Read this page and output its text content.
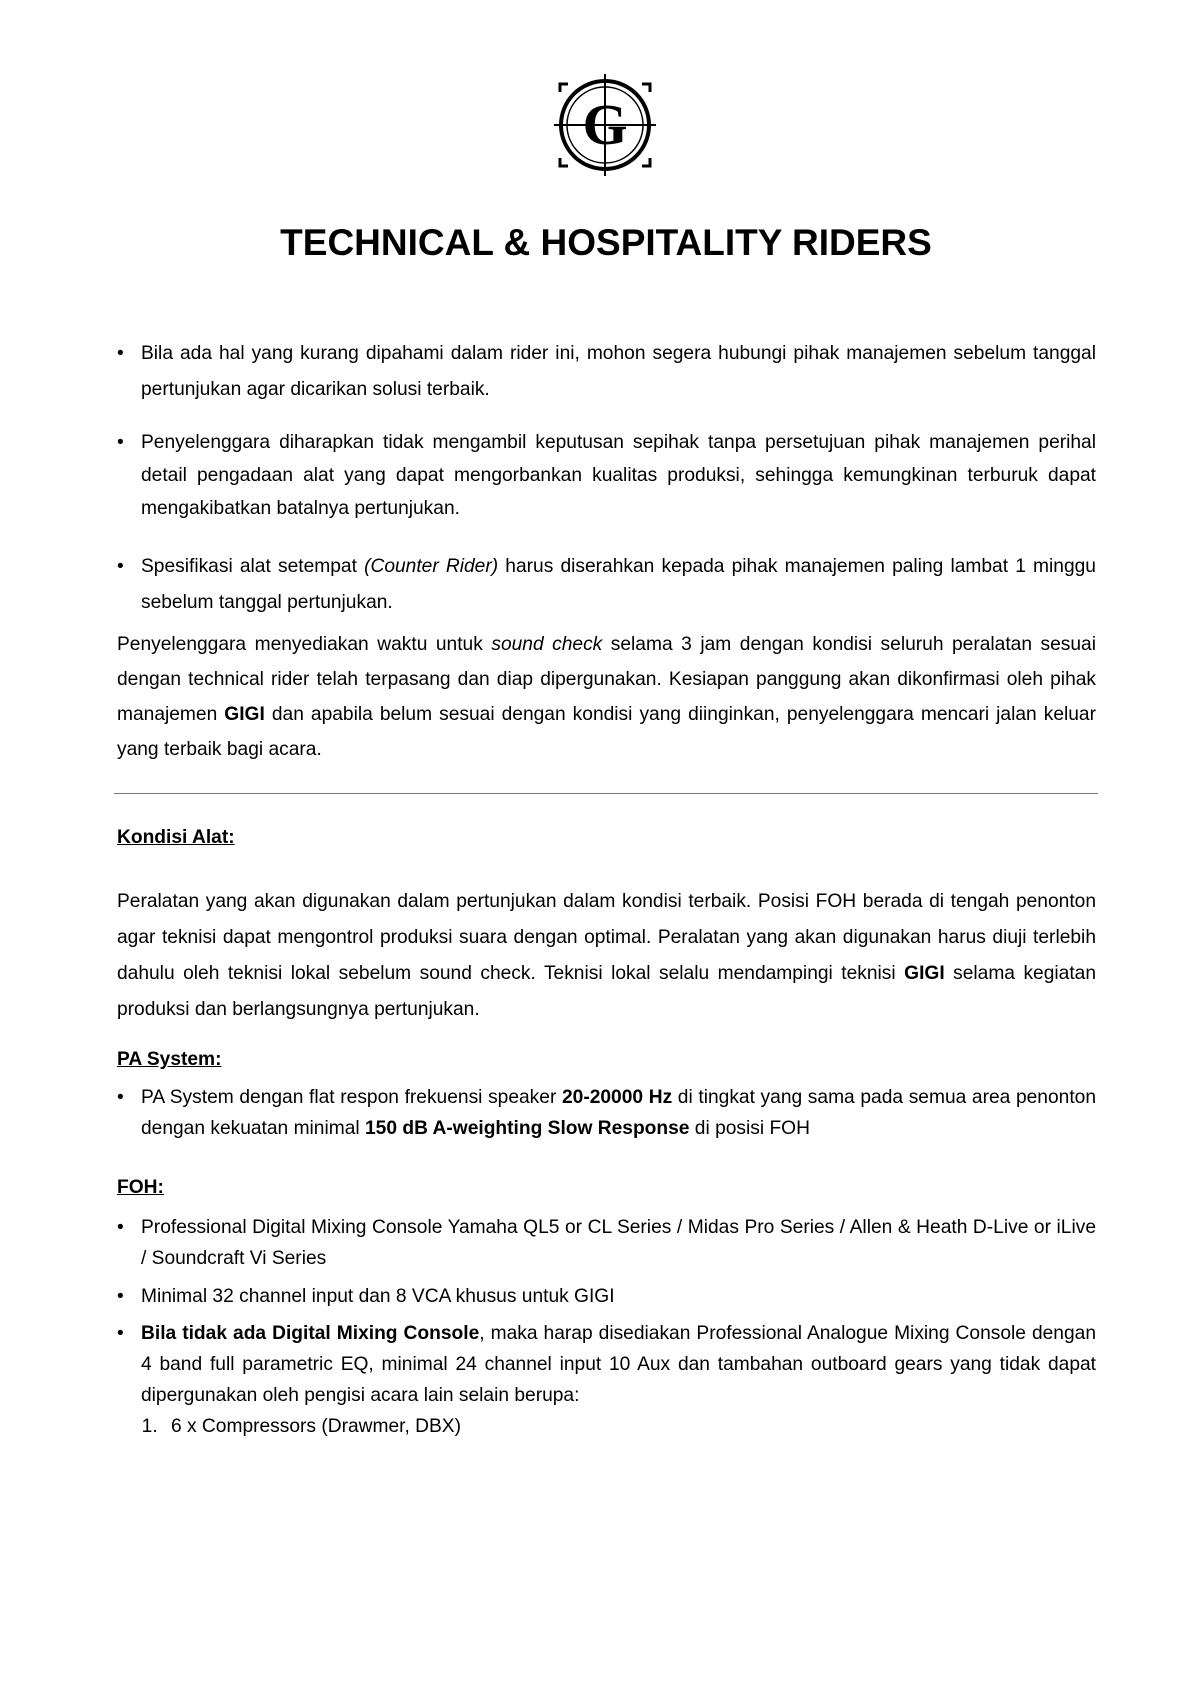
G
TECHNICAL & HOSPITALITY RIDERS
• Bila ada hal yang kurang dipahami dalam rider ini, mohon segera hubungi pihak manajemen sebelum tanggal pertunjukan agar dicarikan solusi terbaik.
• Penyelenggara diharapkan tidak mengambil keputusan sepihak tanpa persetujuan pihak manajemen perihal detail pengadaan alat yang dapat mengorbankan kualitas produksi, sehingga kemungkinan terburuk dapat mengakibatkan batalnya pertunjukan.
• Spesifikasi alat setempat (Counter Rider) harus diserahkan kepada pihak manajemen paling lambat 1 minggu sebelum tanggal pertunjukan.

Penyelenggara menyediakan waktu untuk sound check selama 3 jam dengan kondisi seluruh peralatan sesuai dengan technical rider telah terpasang dan diap dipergunakan. Kesiapan panggung akan dikonfirmasi oleh pihak manajemen GIGI dan apabila belum sesuai dengan kondisi yang diinginkan, penyelenggara mencari jalan keluar yang terbaik bagi acara.

Kondisi Alat:

Peralatan yang akan digunakan dalam pertunjukan dalam kondisi terbaik. Posisi FOH berada di tengah penonton agar teknisi dapat mengontrol produksi suara dengan optimal. Peralatan yang akan digunakan harus diuji terlebih dahulu oleh teknisi lokal sebelum sound check. Teknisi lokal selalu mendampingi teknisi GIGI selama kegiatan produksi dan berlangsungnya pertunjukan.

PA System:

• PA System dengan flat respon frekuensi speaker 20-20000 Hz di tingkat yang sama pada semua area penonton dengan kekuatan minimal 150 dB A-weighting Slow Response di posisi FOH

FOH:

• Professional Digital Mixing Console Yamaha QL5 or CL Series / Midas Pro Series / Allen & Heath D-Live or iLive / Soundcraft Vi Series
• Minimal 32 channel input dan 8 VCA khusus untuk GIGI
• Bila tidak ada Digital Mixing Console, maka harap disediakan Professional Analogue Mixing Console dengan 4 band full parametric EQ, minimal 24 channel input 10 Aux dan tambahan outboard gears yang tidak dapat dipergunakan oleh pengisi acara lain selain berupa:
1. 6 x Compressors (Drawmer, DBX)
